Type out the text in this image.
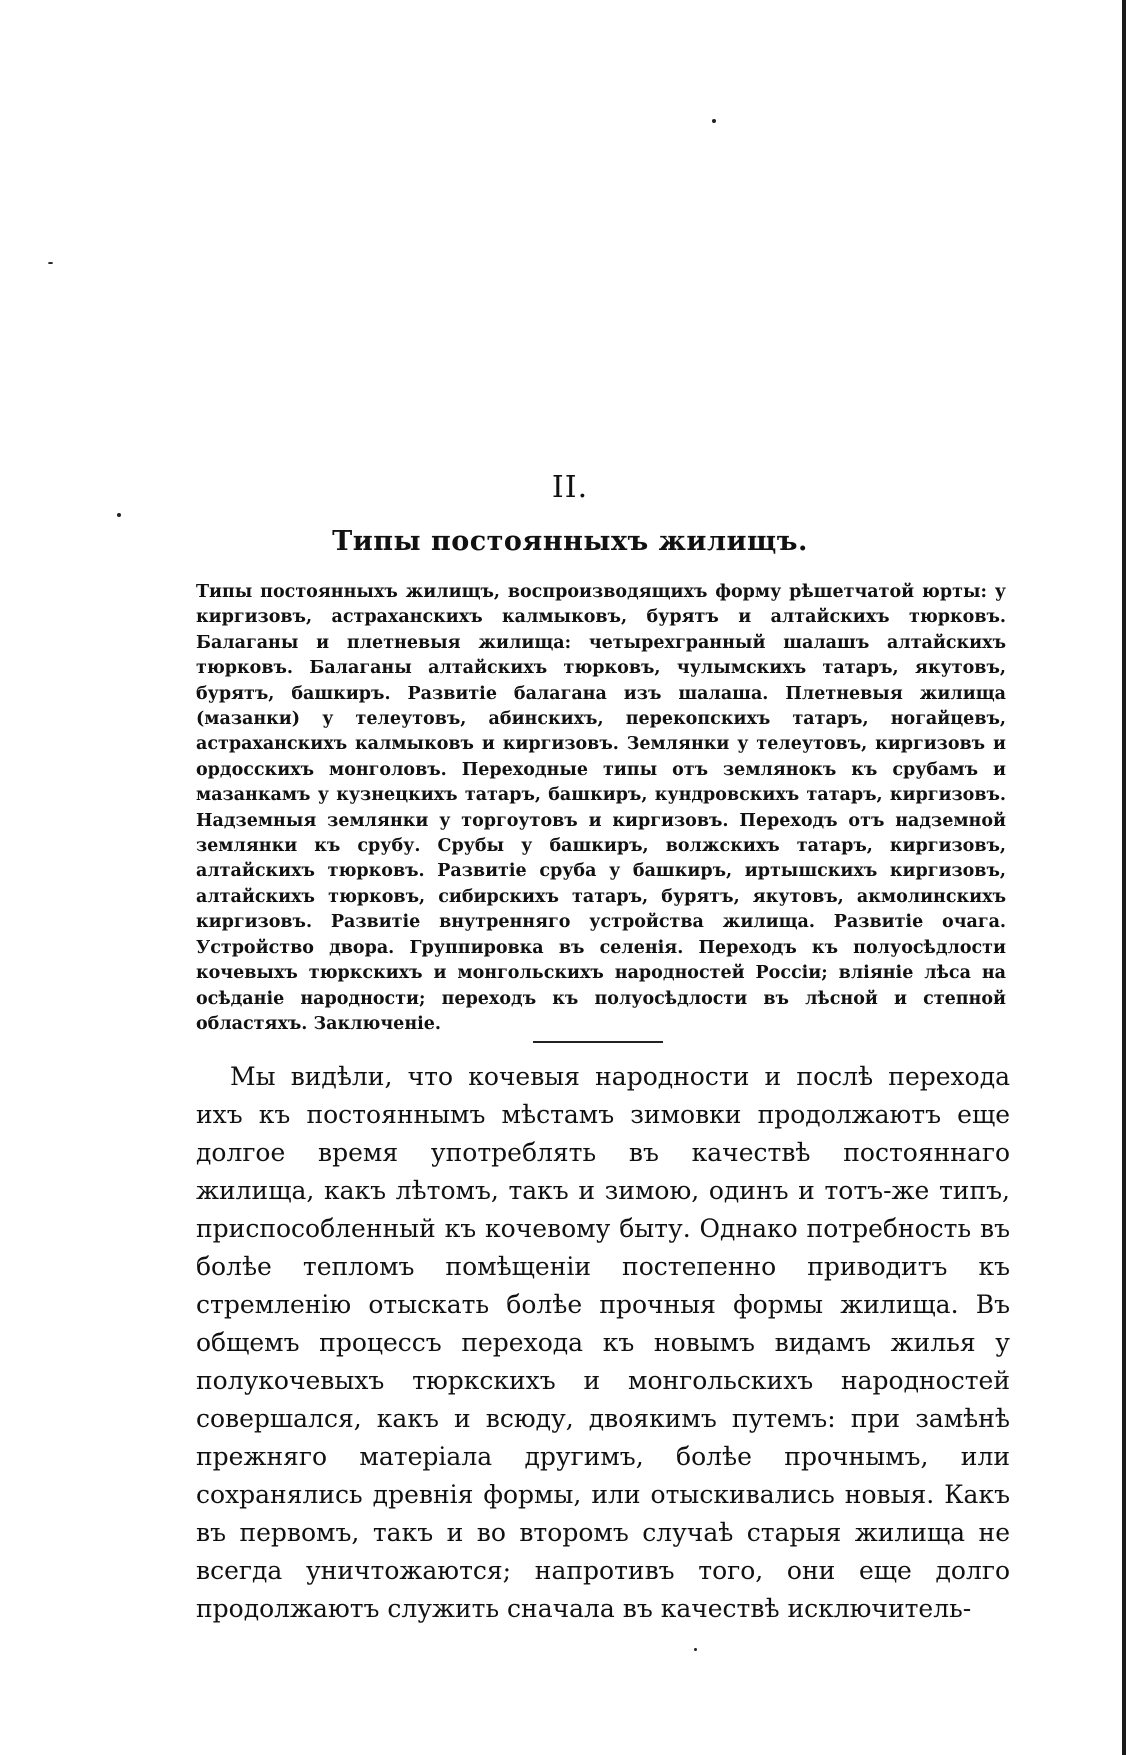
II.
Типы постоянныхъ жилищъ.
Типы постоянныхъ жилищъ, воспроизводящихъ форму рѣшетчатой юрты: у киргизовъ, астраханскихъ калмыковъ, бурятъ и алтайскихъ тюрковъ. Балаганы и плетневыя жилища: четырехгранный шалашъ алтайскихъ тюрковъ. Балаганы алтайскихъ тюрковъ, чулымскихъ татаръ, якутовъ, бурятъ, башкиръ. Развитіе балагана изъ шалаша. Плетневыя жилища (мазанки) у телеутовъ, абинскихъ, перекопскихъ татаръ, ногайцевъ, астраханскихъ калмыковъ и киргизовъ. Землянки у телеутовъ, киргизовъ и ордосскихъ монголовъ. Переходные типы отъ землянокъ къ срубамъ и мазанкамъ у кузнецкихъ татаръ, башкиръ, кундровскихъ татаръ, киргизовъ. Надземныя землянки у торгоутовъ и киргизовъ. Переходъ отъ надземной землянки къ срубу. Срубы у башкиръ, волжскихъ татаръ, киргизовъ, алтайскихъ тюрковъ. Развитіе сруба у башкиръ, иртышскихъ киргизовъ, алтайскихъ тюрковъ, сибирскихъ татаръ, бурятъ, якутовъ, акмолинскихъ киргизовъ. Развитіе внутренняго устройства жилища. Развитіе очага. Устройство двора. Группировка въ селенія. Переходъ къ полуосѣдлости кочевыхъ тюркскихъ и монгольскихъ народностей Россіи; вліяніе лѣса на осѣданіе народности; переходъ къ полуосѣдлости въ лѣсной и степной областяхъ. Заключеніе.

Мы видѣли, что кочевыя народности и послѣ перехода ихъ къ постояннымъ мѣстамъ зимовки продолжаютъ еще долгое время употреблять въ качествѣ постояннаго жилища, какъ лѣтомъ, такъ и зимою, одинъ и тотъ-же типъ, приспособленный къ кочевому быту. Однако потребность въ болѣе тепломъ помѣщеніи постепенно приводитъ къ стремленію отыскать болѣе прочныя формы жилища. Въ общемъ процессъ перехода къ новымъ видамъ жилья у полукочевыхъ тюркскихъ и монгольскихъ народностей совершался, какъ и всюду, двоякимъ путемъ: при замѣнѣ прежняго матеріала другимъ, болѣе прочнымъ, или сохранялись древнія формы, или отыскивались новыя. Какъ въ первомъ, такъ и во второмъ случаѣ старыя жилища не всегда уничтожаются; напротивъ того, они еще долго продолжаютъ служить сначала въ качествѣ исключитель-
